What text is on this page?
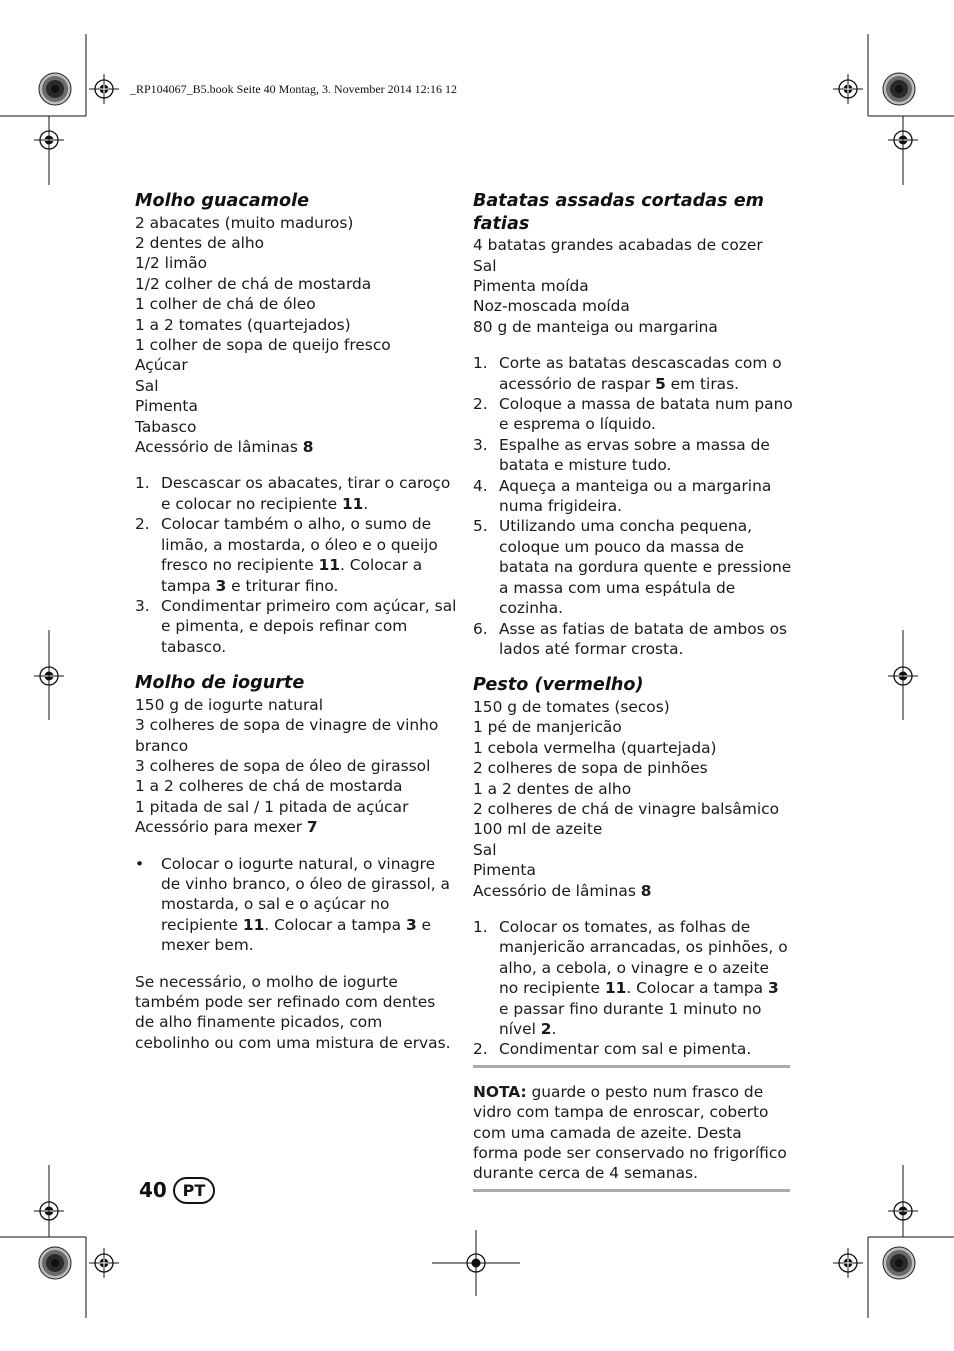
_RP104067_B5.book Seite 40 Montag, 3. November 2014 12:16 12
Molho guacamole
2 abacates (muito maduros)
2 dentes de alho
1/2 limão
1/2 colher de chá de mostarda
1 colher de chá de óleo
1 a 2 tomates (quartejados)
1 colher de sopa de queijo fresco
Açúcar
Sal
Pimenta
Tabasco
Acessório de lâminas 8
1. Descascar os abacates, tirar o caroço e colocar no recipiente 11.
2. Colocar também o alho, o sumo de limão, a mostarda, o óleo e o queijo fresco no recipiente 11. Colocar a tampa 3 e triturar fino.
3. Condimentar primeiro com açúcar, sal e pimenta, e depois refinar com tabasco.
Molho de iogurte
150 g de iogurte natural
3 colheres de sopa de vinagre de vinho branco
3 colheres de sopa de óleo de girassol
1 a 2 colheres de chá de mostarda
1 pitada de sal / 1 pitada de açúcar
Acessório para mexer 7
• Colocar o iogurte natural, o vinagre de vinho branco, o óleo de girassol, a mostarda, o sal e o açúcar no recipiente 11. Colocar a tampa 3 e mexer bem.

Se necessário, o molho de iogurte também pode ser refinado com dentes de alho finamente picados, com cebolinho ou com uma mistura de ervas.

Batatas assadas cortadas em fatias
4 batatas grandes acabadas de cozer
Sal
Pimenta moída
Noz-moscada moída
80 g de manteiga ou margarina
1. Corte as batatas descascadas com o acessório de raspar 5 em tiras.
2. Coloque a massa de batata num pano e esprema o líquido.
3. Espalhe as ervas sobre a massa de batata e misture tudo.
4. Aqueça a manteiga ou a margarina numa frigideira.
5. Utilizando uma concha pequena, coloque um pouco da massa de batata na gordura quente e pressione a massa com uma espátula de cozinha.
6. Asse as fatias de batata de ambos os lados até formar crosta.
Pesto (vermelho)
150 g de tomates (secos)
1 pé de manjericão
1 cebola vermelha (quartejada)
2 colheres de sopa de pinhões
1 a 2 dentes de alho
2 colheres de chá de vinagre balsâmico
100 ml de azeite
Sal
Pimenta
Acessório de lâminas 8
1. Colocar os tomates, as folhas de manjericão arrancadas, os pinhões, o alho, a cebola, o vinagre e o azeite no recipiente 11. Colocar a tampa 3 e passar fino durante 1 minuto no nível 2.
2. Condimentar com sal e pimenta.
NOTA: guarde o pesto num frasco de vidro com tampa de enroscar, coberto com uma camada de azeite. Desta forma pode ser conservado no frigorífico durante cerca de 4 semanas.
40 PT
